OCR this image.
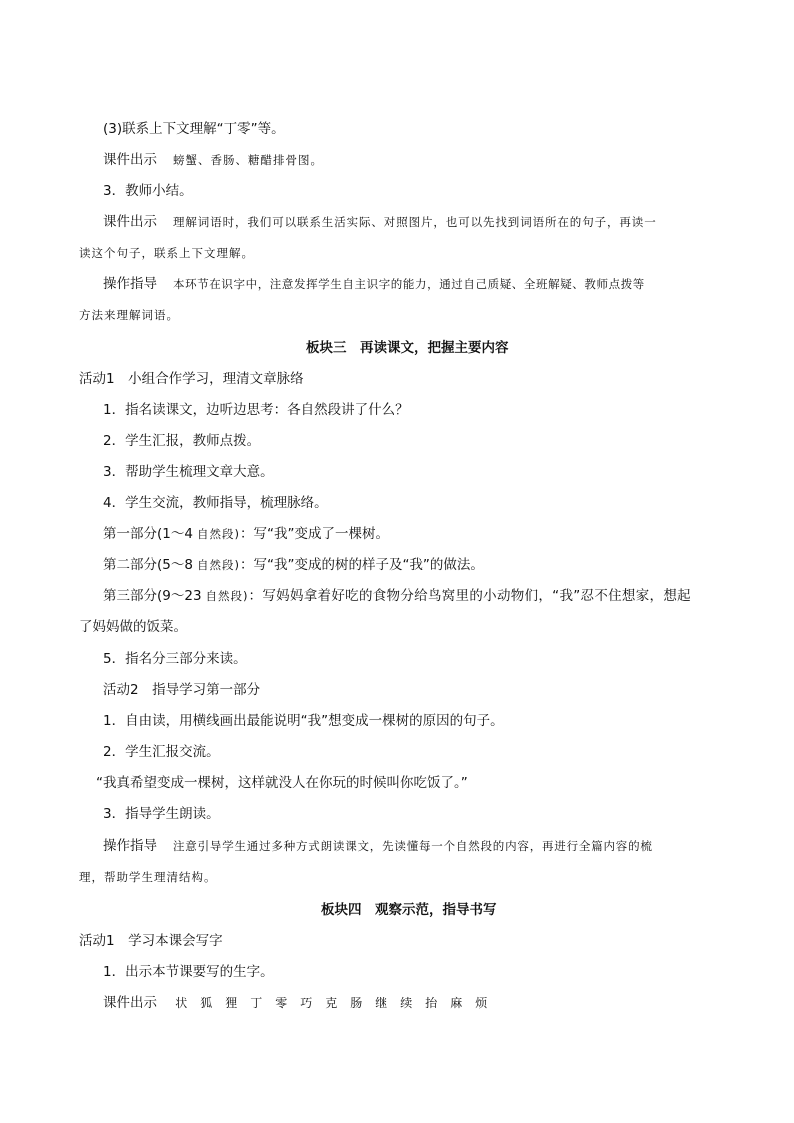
(3)联系上下文理解“丁零”等。
课件出示 螃蟹、香肠、糖醋排骨图。
3．教师小结。
课件出示 理解词语时，我们可以联系生活实际、对照图片，也可以先找到词语所在的句子，再读一
读这个句子，联系上下文理解。
操作指导 本环节在识字中，注意发挥学生自主识字的能力，通过自己质疑、全班解疑、教师点拨等
方法来理解词语。
板块三　再读课文，把握主要内容
活动1　小组合作学习，理清文章脉络
1．指名读课文，边听边思考：各自然段讲了什么？
2．学生汇报，教师点拨。
3．帮助学生梳理文章大意。
4．学生交流，教师指导，梳理脉络。
第一部分(1～4 自然段)：写“我”变成了一棵树。
第二部分(5～8 自然段)：写“我”变成的树的样子及“我”的做法。
第三部分(9～23 自然段)：写妈妈拿着好吃的食物分给鸟窝里的小动物们，“我”忍不住想家，想起
了妈妈做的饭菜。
5．指名分三部分来读。
活动2　指导学习第一部分
1．自由读，用横线画出最能说明“我”想变成一棵树的原因的句子。
2．学生汇报交流。
“我真希望变成一棵树，这样就没人在你玩的时候叫你吃饭了。”
3．指导学生朗读。
操作指导 注意引导学生通过多种方式朗读课文，先读懂每一个自然段的内容，再进行全篇内容的梳
理，帮助学生理清结构。
板块四　观察示范，指导书写
活动1　学习本课会写字
1．出示本节课要写的生字。
课件出示 状 狐 狸 丁 零 巧 克 肠 继 续 抬 麻 烦
